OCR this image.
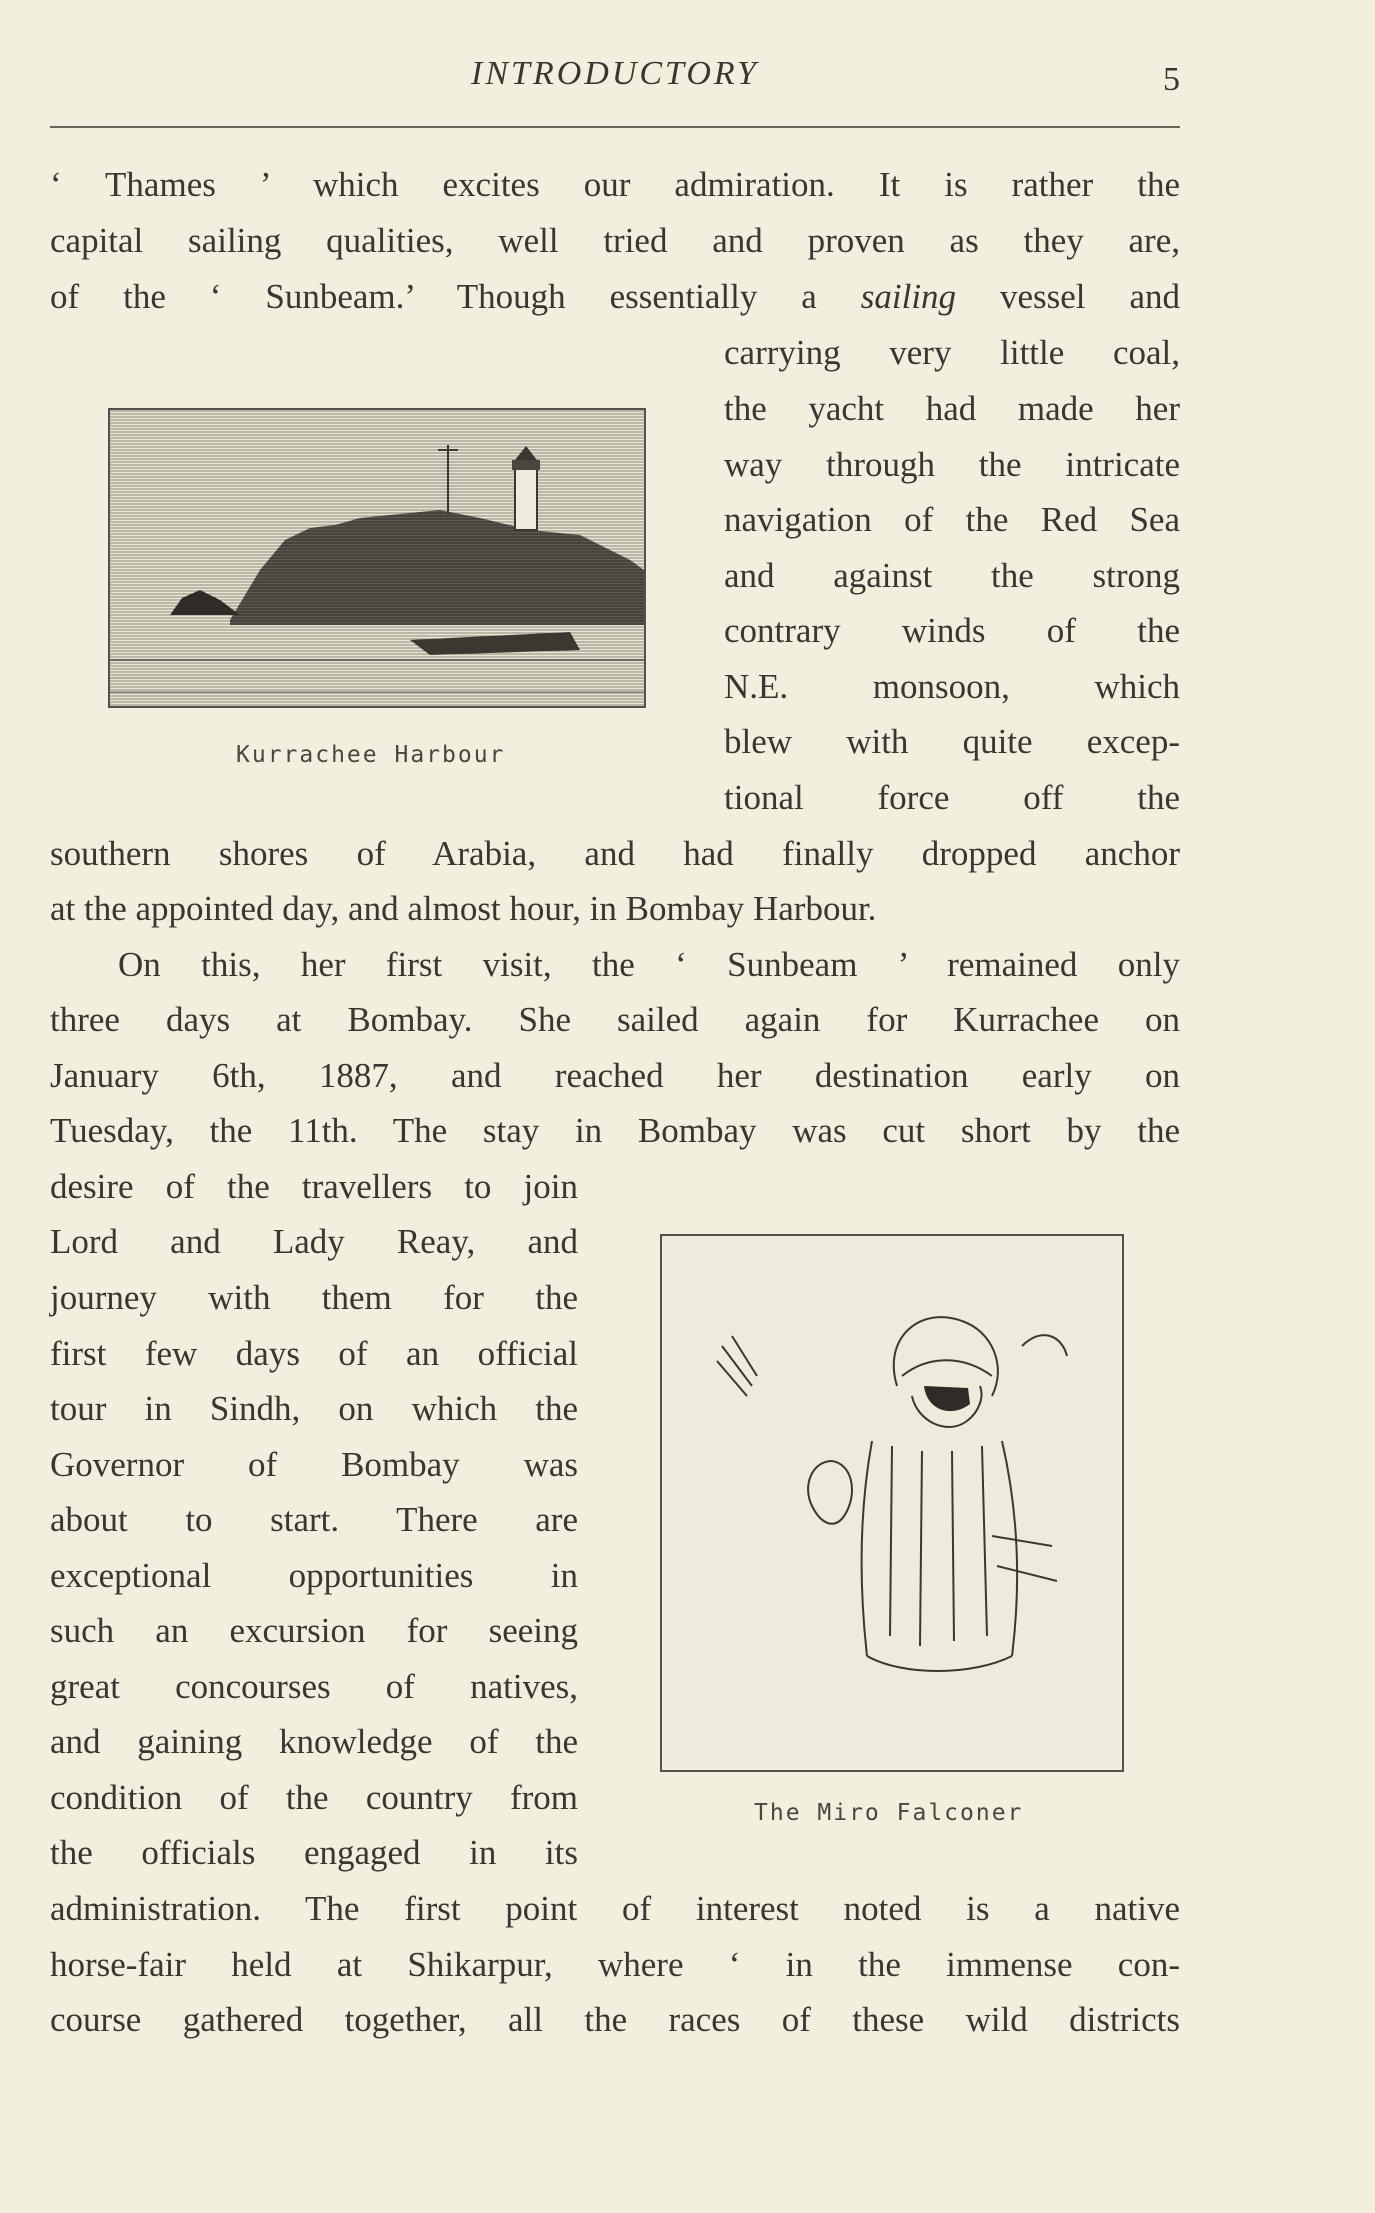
INTRODUCTORY	5
‘ Thames ’ which excites our admiration. It is rather the
capital sailing qualities, well tried and proven as they are,
of the ‘ Sunbeam.’ Though essentially a sailing vessel and
carrying very little coal,
the yacht had made her
way through the intricate
navigation of the Red Sea
and against the strong
contrary winds of the
N.E. monsoon, which
blew with quite excep-
tional force off the
Kurrachee Harbour
southern shores of Arabia, and had finally dropped anchor
at the appointed day, and almost hour, in Bombay Harbour.
On this, her first visit, the ‘ Sunbeam ’ remained only
three days at Bombay. She sailed again for Kurrachee on
January 6th, 1887, and reached her destination early on
Tuesday, the 11th. The stay in Bombay was cut short by the
desire of the travellers to join
Lord and Lady Reay, and
journey with them for the
first few days of an official
tour in Sindh, on which the
Governor of Bombay was
about to start. There are
exceptional opportunities in
such an excursion for seeing
great concourses of natives,
and gaining knowledge of the
condition of the country from
the officials engaged in its
The Miro Falconer
administration. The first point of interest noted is a native
horse-fair held at Shikarpur, where ‘ in the immense con-
course gathered together, all the races of these wild districts
